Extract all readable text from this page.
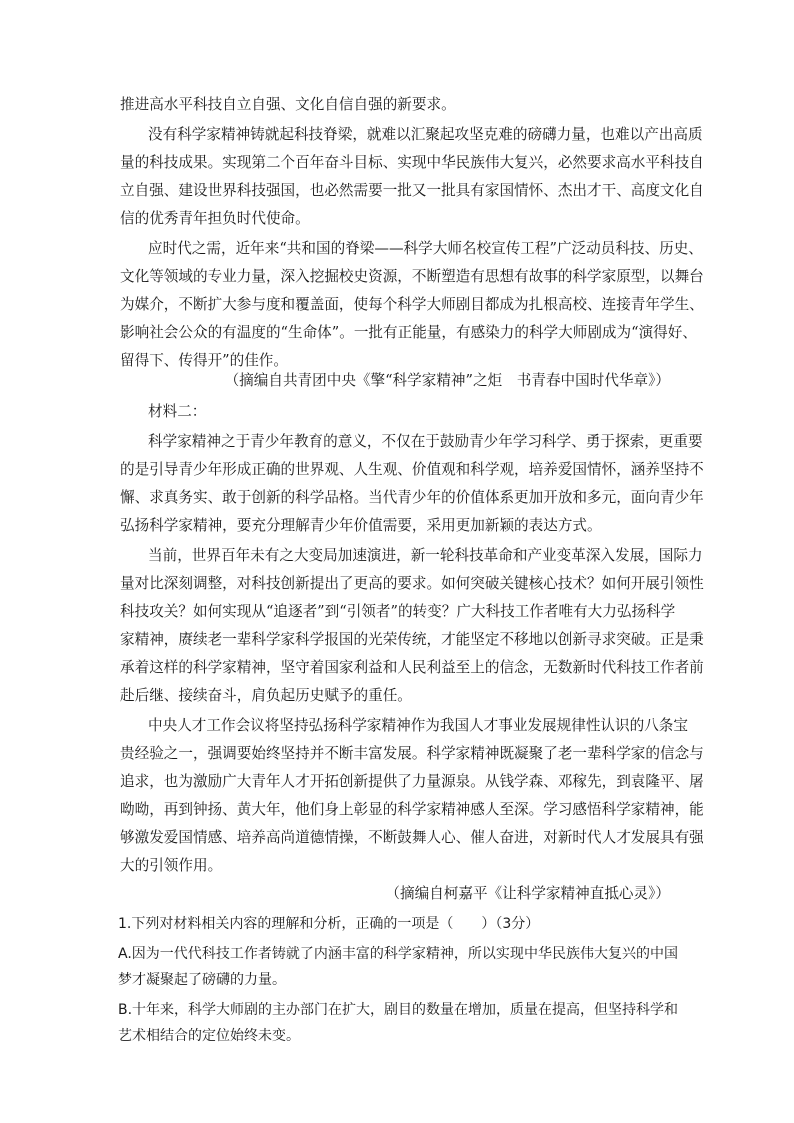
推进高水平科技自立自强、文化自信自强的新要求。
没有科学家精神铸就起科技脊梁，就难以汇聚起攻坚克难的磅礴力量，也难以产出高质
量的科技成果。实现第二个百年奋斗目标、实现中华民族伟大复兴，必然要求高水平科技自
立自强、建设世界科技强国，也必然需要一批又一批具有家国情怀、杰出才干、高度文化自
信的优秀青年担负时代使命。
应时代之需，近年来“共和国的脊梁——科学大师名校宣传工程”广泛动员科技、历史、
文化等领域的专业力量，深入挖掘校史资源，不断塑造有思想有故事的科学家原型，以舞台
为媒介，不断扩大参与度和覆盖面，使每个科学大师剧目都成为扎根高校、连接青年学生、
影响社会公众的有温度的“生命体”。一批有正能量，有感染力的科学大师剧成为“演得好、
留得下、传得开”的佳作。
（摘编自共青团中央《擎“科学家精神”之炬　书青春中国时代华章》）
材料二：
科学家精神之于青少年教育的意义，不仅在于鼓励青少年学习科学、勇于探索，更重要
的是引导青少年形成正确的世界观、人生观、价值观和科学观，培养爱国情怀，涵养坚持不
懈、求真务实、敢于创新的科学品格。当代青少年的价值体系更加开放和多元，面向青少年
弘扬科学家精神，要充分理解青少年价值需要，采用更加新颖的表达方式。
当前，世界百年未有之大变局加速演进，新一轮科技革命和产业变革深入发展，国际力
量对比深刻调整，对科技创新提出了更高的要求。如何突破关键核心技术？如何开展引领性
科技攻关？如何实现从“追逐者”到“引领者”的转变？广大科技工作者唯有大力弘扬科学
家精神，赓续老一辈科学家科学报国的光荣传统，才能坚定不移地以创新寻求突破。正是秉
承着这样的科学家精神，坚守着国家利益和人民利益至上的信念，无数新时代科技工作者前
赴后继、接续奋斗，肩负起历史赋予的重任。
中央人才工作会议将坚持弘扬科学家精神作为我国人才事业发展规律性认识的八条宝
贵经验之一，强调要始终坚持并不断丰富发展。科学家精神既凝聚了老一辈科学家的信念与
追求，也为激励广大青年人才开拓创新提供了力量源泉。从钱学森、邓稼先，到袁隆平、屠
呦呦，再到钟扬、黄大年，他们身上彰显的科学家精神感人至深。学习感悟科学家精神，能
够激发爱国情感、培养高尚道德情操，不断鼓舞人心、催人奋进，对新时代人才发展具有强
大的引领作用。
（摘编自柯嘉平《让科学家精神直抵心灵》）
1.下列对材料相关内容的理解和分析，正确的一项是（　　）（3分）
A.因为一代代科技工作者铸就了内涵丰富的科学家精神，所以实现中华民族伟大复兴的中国
梦才凝聚起了磅礴的力量。
B.十年来，科学大师剧的主办部门在扩大，剧目的数量在增加，质量在提高，但坚持科学和
艺术相结合的定位始终未变。
